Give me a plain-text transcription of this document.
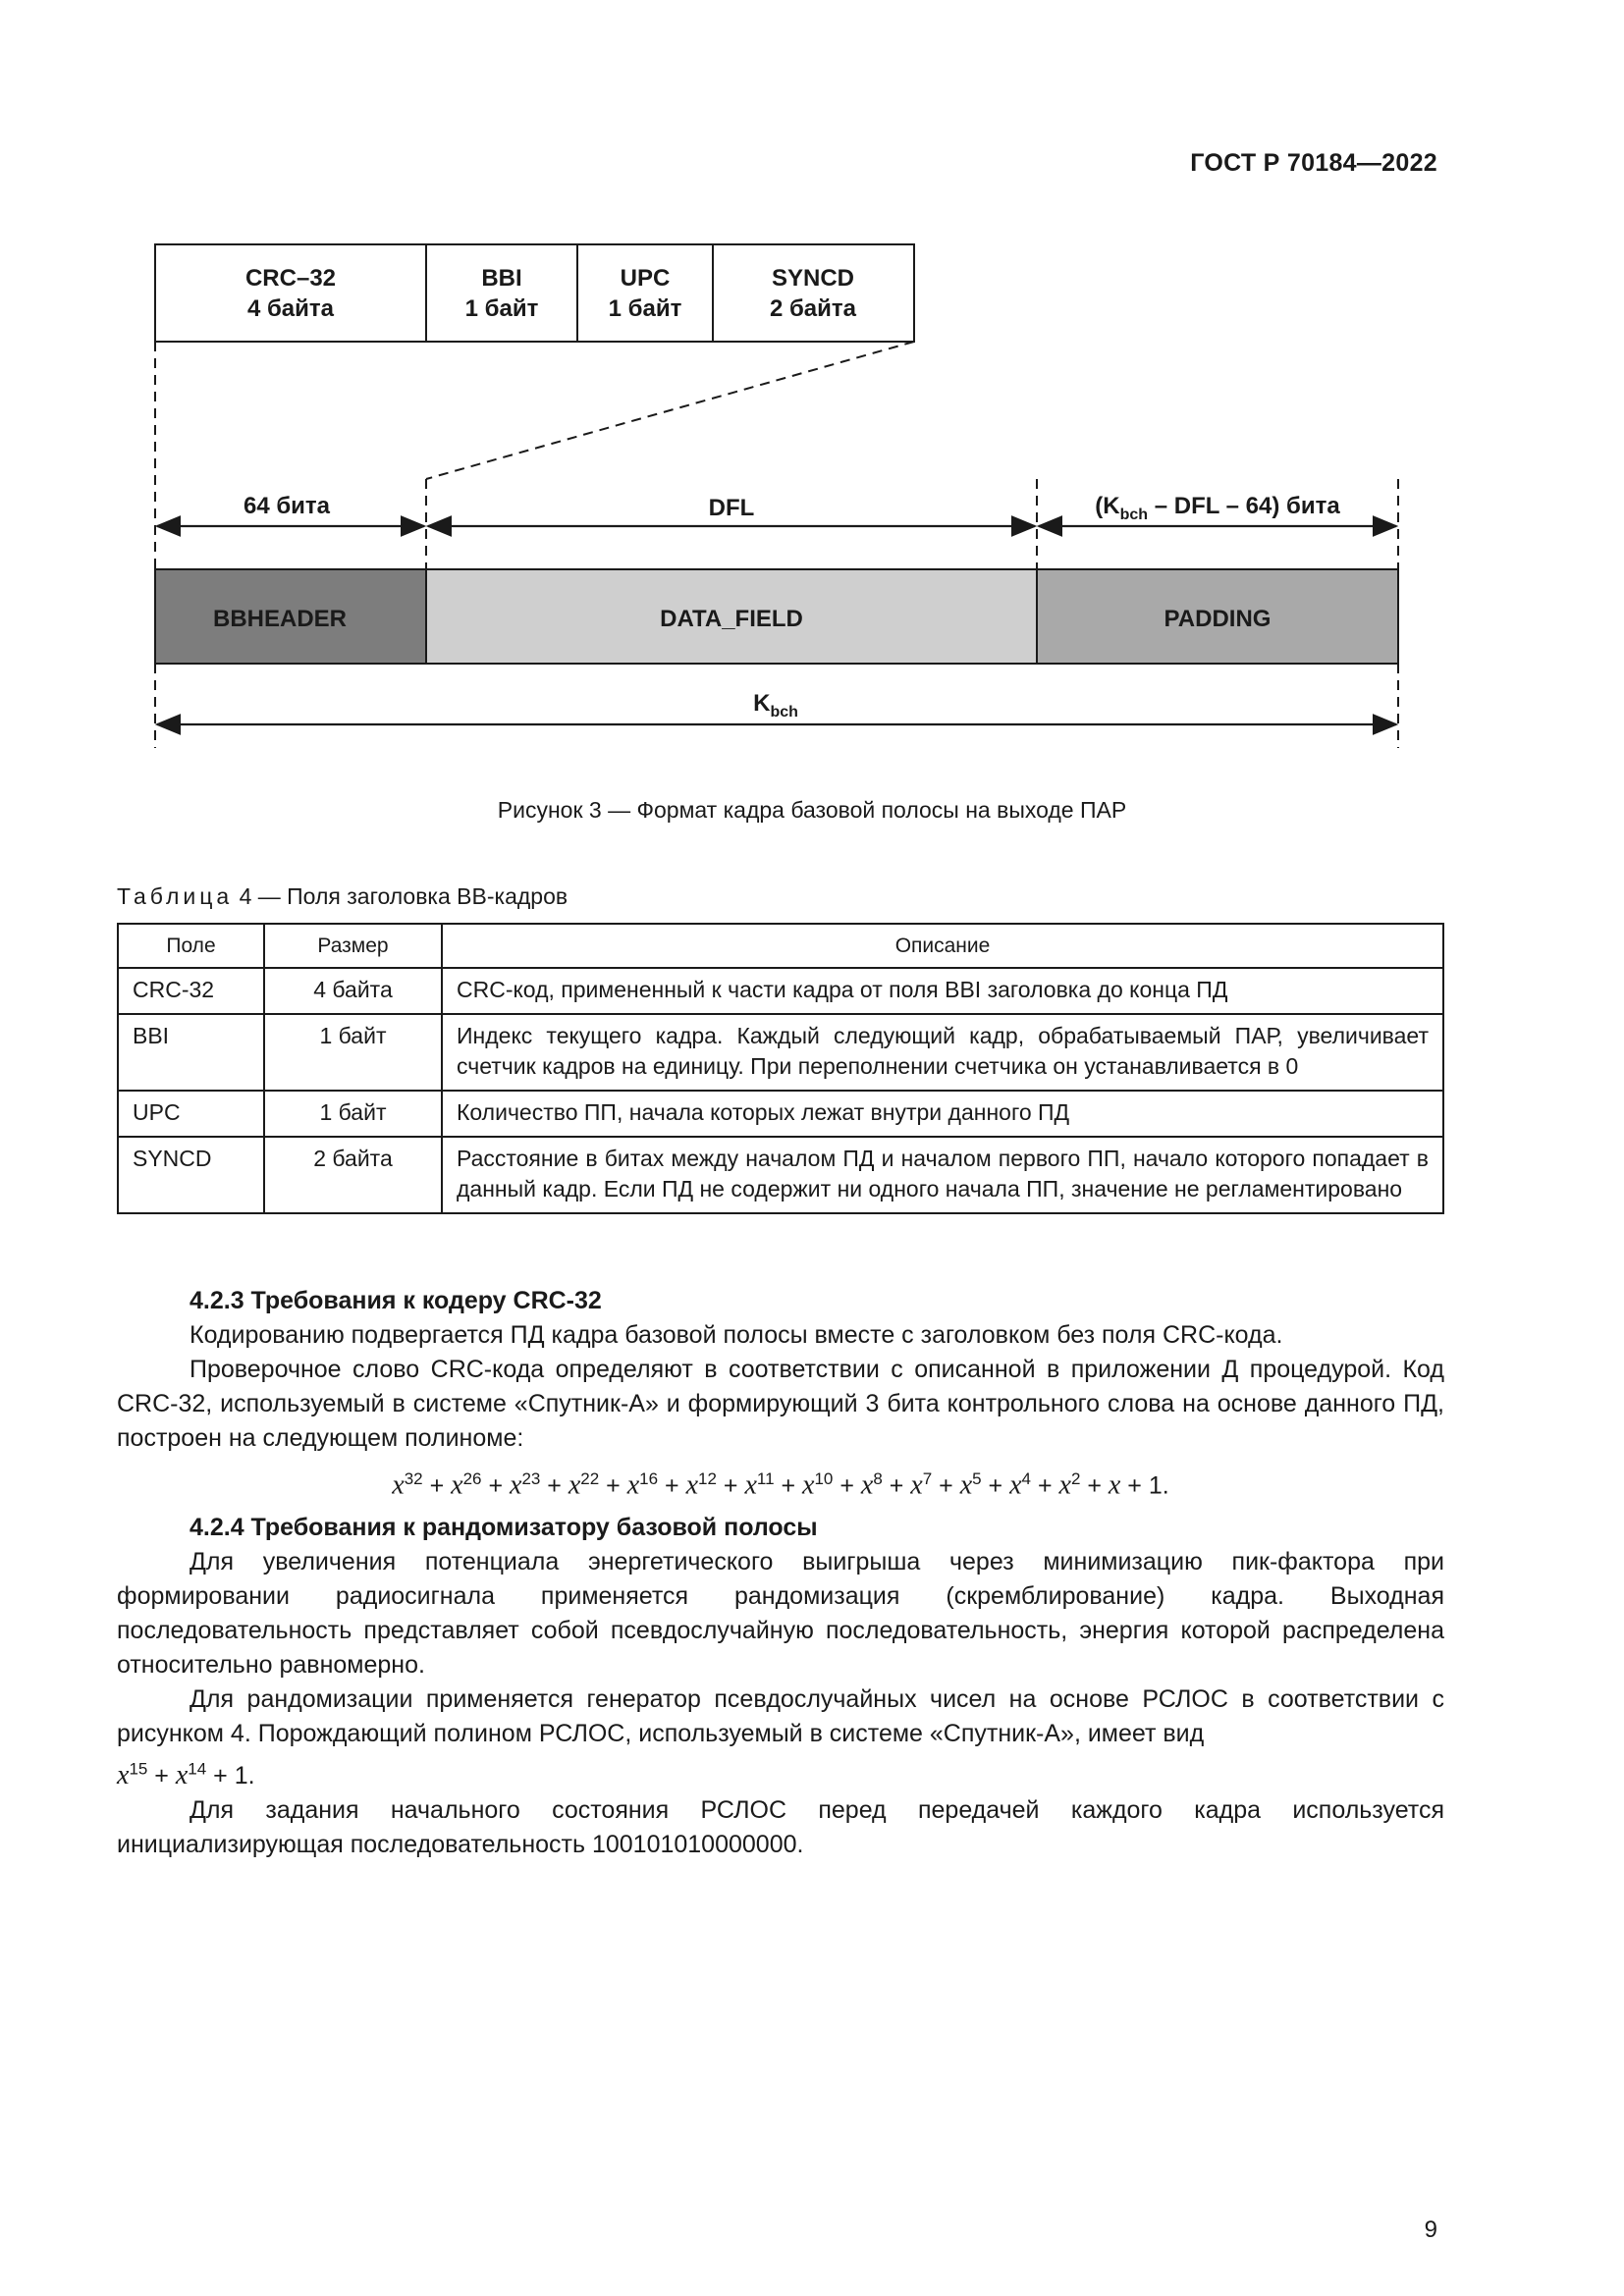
ГОСТ Р 70184—2022
CRC–32
4 байта
BBI
1 байт
UPC
1 байт
SYNCD
2 байта
64 бита	DFL	($K_{bch}$ – DFL – 64) бита
$K_{bch}$
BBHEADER	DATA_FIELD	PADDING
Рисунок 3 — Формат кадра базовой полосы на выходе ПАР
Таблица 4 — Поля заголовка ВВ-кадров
Поле	Размер	Описание
CRC-32	4 байта	CRC-код, примененный к части кадра от поля BBI заголовка до конца ПД
BBI	1 байт	Индекс текущего кадра. Каждый следующий кадр, обрабатываемый ПАР, увеличивает счетчик кадров на единицу. При переполнении счетчика он устанавливается в 0
UPC	1 байт	Количество ПП, начала которых лежат внутри данного ПД
SYNCD	2 байта	Расстояние в битах между началом ПД и началом первого ПП, начало которого попадает в данный кадр. Если ПД не содержит ни одного начала ПП, значение не регламентировано
4.2.3 Требования к кодеру CRC-32

Кодированию подвергается ПД кадра базовой полосы вместе с заголовком без поля CRC-кода.

Проверочное слово CRC-кода определяют в соответствии с описанной в приложении Д процедурой. Код CRC-32, используемый в системе «Спутник-А» и формирующий 3 бита контрольного слова на основе данного ПД, построен на следующем полиноме:

$x^{32} + x^{26} + x^{23} + x^{22} + x^{16} + x^{12} + x^{11} + x^{10} + x^8 + x^7 + x^5 + x^4 + x^2 + x + 1$.
4.2.4 Требования к рандомизатору базовой полосы

Для увеличения потенциала энергетического выигрыша через минимизацию пик-фактора при формировании радиосигнала применяется рандомизация (скремблирование) кадра. Выходная последовательность представляет собой псевдослучайную последовательность, энергия которой распределена относительно равномерно.

Для рандомизации применяется генератор псевдослучайных чисел на основе РСЛОС в соответствии с рисунком 4. Порождающий полином РСЛОС, используемый в системе «Спутник-А», имеет вид
$x^{15} + x^{14} + 1$.

Для задания начального состояния РСЛОС перед передачей каждого кадра используется инициализирующая последовательность 100101010000000.

9
